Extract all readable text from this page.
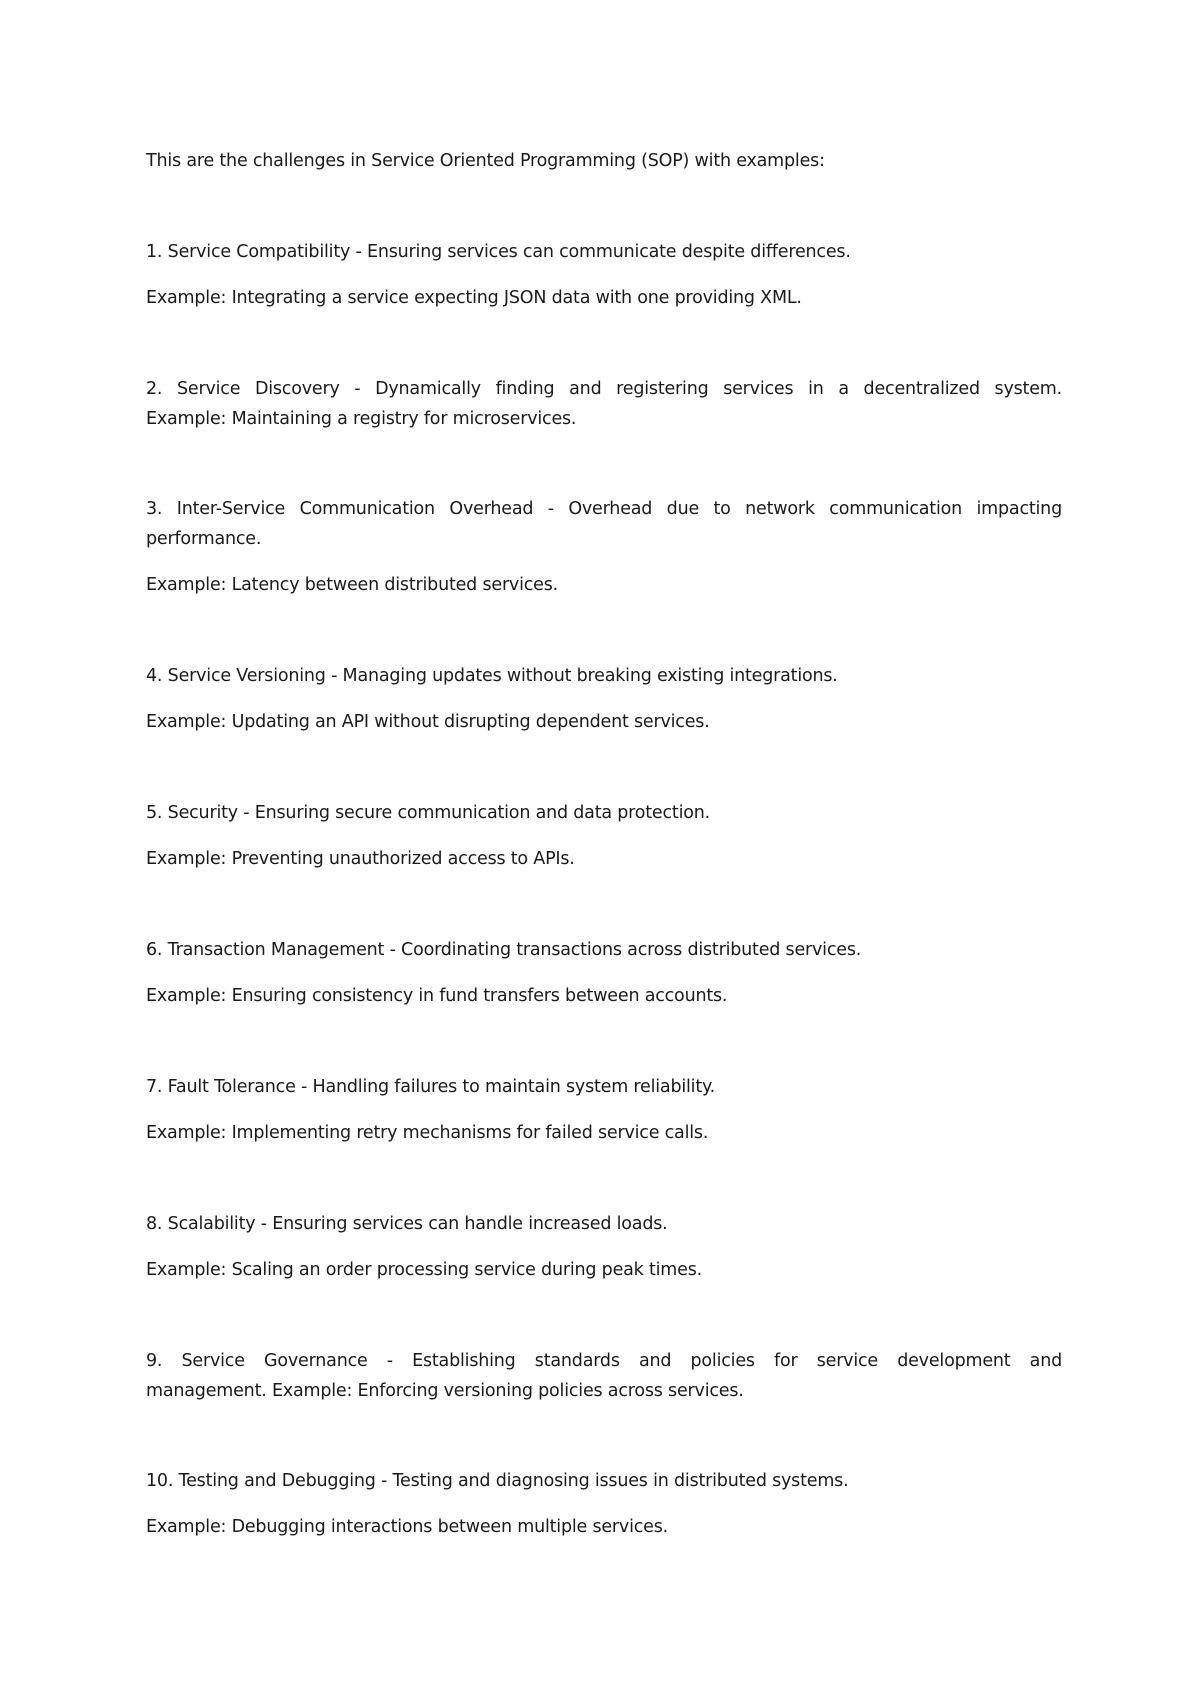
This are the challenges in Service Oriented Programming (SOP) with examples:
1. Service Compatibility - Ensuring services can communicate despite differences.
Example: Integrating a service expecting JSON data with one providing XML.
2. Service Discovery - Dynamically finding and registering services in a decentralized system.
Example: Maintaining a registry for microservices.
3. Inter-Service Communication Overhead - Overhead due to network communication impacting
performance.
Example: Latency between distributed services.
4. Service Versioning - Managing updates without breaking existing integrations.
Example: Updating an API without disrupting dependent services.
5. Security - Ensuring secure communication and data protection.
Example: Preventing unauthorized access to APIs.
6. Transaction Management - Coordinating transactions across distributed services.
Example: Ensuring consistency in fund transfers between accounts.
7. Fault Tolerance - Handling failures to maintain system reliability.
Example: Implementing retry mechanisms for failed service calls.
8. Scalability - Ensuring services can handle increased loads.
Example: Scaling an order processing service during peak times.
9. Service Governance - Establishing standards and policies for service development and
management. Example: Enforcing versioning policies across services.
10. Testing and Debugging - Testing and diagnosing issues in distributed systems.
Example: Debugging interactions between multiple services.
